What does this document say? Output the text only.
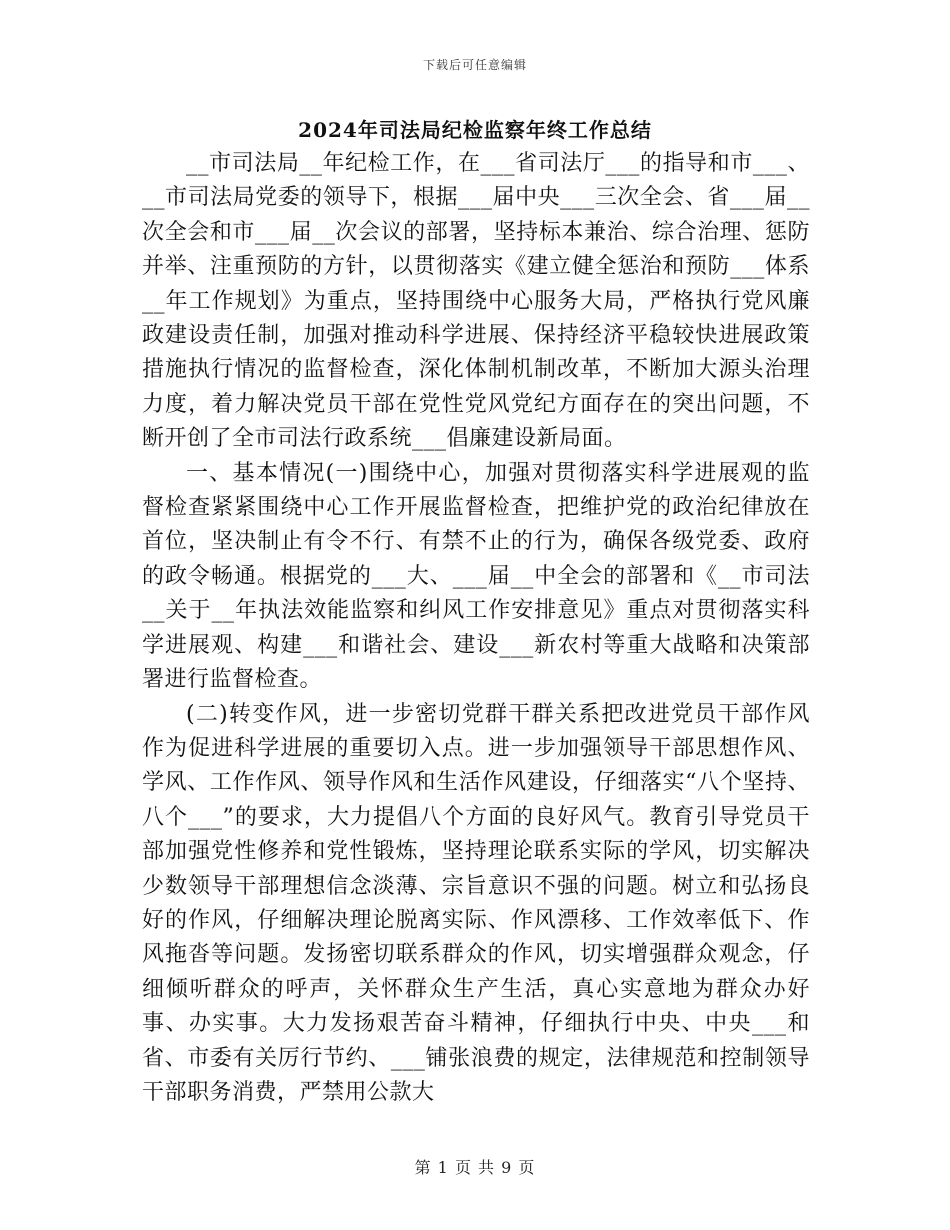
下载后可任意编辑
2024年司法局纪检监察年终工作总结

__市司法局__年纪检工作，在___省司法厅___的指导和市___、__市司法局党委的领导下，根据___届中央___三次全会、省___届__次全会和市___届__次会议的部署，坚持标本兼治、综合治理、惩防并举、注重预防的方针，以贯彻落实《建立健全惩治和预防___体系__年工作规划》为重点，坚持围绕中心服务大局，严格执行党风廉政建设责任制，加强对推动科学进展、保持经济平稳较快进展政策措施执行情况的监督检查，深化体制机制改革，不断加大源头治理力度，着力解决党员干部在党性党风党纪方面存在的突出问题，不断开创了全市司法行政系统___倡廉建设新局面。

一、基本情况(一)围绕中心，加强对贯彻落实科学进展观的监督检查紧紧围绕中心工作开展监督检查，把维护党的政治纪律放在首位，坚决制止有令不行、有禁不止的行为，确保各级党委、政府的政令畅通。根据党的___大、___届__中全会的部署和《__市司法__关于__年执法效能监察和纠风工作安排意见》重点对贯彻落实科学进展观、构建___和谐社会、建设___新农村等重大战略和决策部署进行监督检查。

(二)转变作风，进一步密切党群干群关系把改进党员干部作风作为促进科学进展的重要切入点。进一步加强领导干部思想作风、学风、工作作风、领导作风和生活作风建设，仔细落实“八个坚持、八个___”的要求，大力提倡八个方面的良好风气。教育引导党员干部加强党性修养和党性锻炼，坚持理论联系实际的学风，切实解决少数领导干部理想信念淡薄、宗旨意识不强的问题。树立和弘扬良好的作风，仔细解决理论脱离实际、作风漂移、工作效率低下、作风拖沓等问题。发扬密切联系群众的作风，切实增强群众观念，仔细倾听群众的呼声，关怀群众生产生活，真心实意地为群众办好事、办实事。大力发扬艰苦奋斗精神，仔细执行中央、中央___和省、市委有关厉行节约、___铺张浪费的规定，法律规范和控制领导干部职务消费，严禁用公款大

第 1 页 共 9 页
